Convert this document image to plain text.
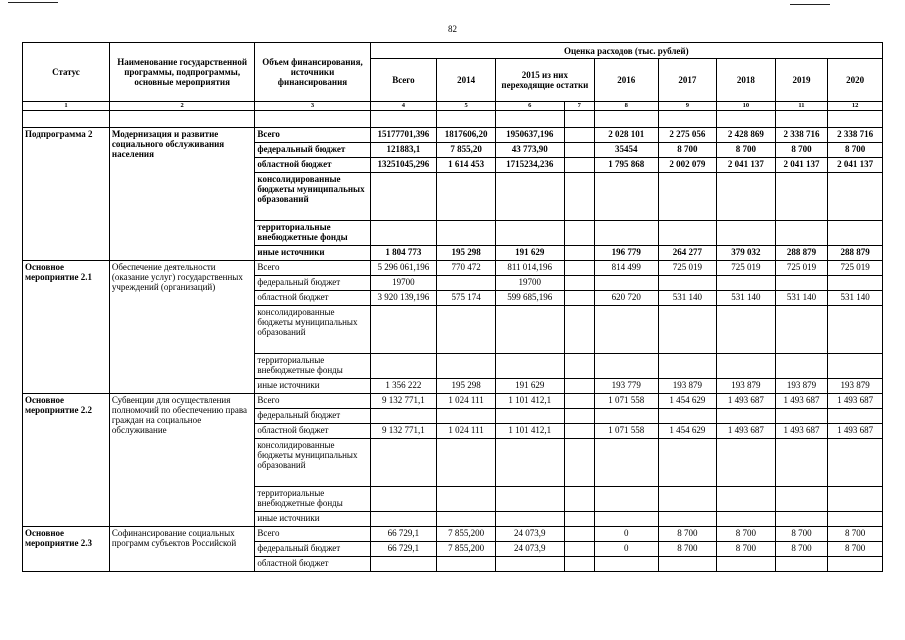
82
Статус	Наименование государственной программы, подпрограммы, основные мероприятия	Объем финансирования, источники финансирования	Оценка расходов (тыс. рублей)								
			Всего	2014	2015 из них переходящие остатки		2016	2017	2018	2019	2020
1	2	3	4	5	6	7	8	9	10	11	12

Подпрограмма 2	Модернизация и развитие социального обслуживания населения	Всего	15177701,396	1817606,20	1950637,196		2 028 101	2 275 056	2 428 869	2 338 716	2 338 716
		федеральный бюджет	121883,1	7 855,20	43 773,90		35454	8 700	8 700	8 700	8 700
		областной бюджет	13251045,296	1 614 453	1715234,236		1 795 868	2 002 079	2 041 137	2 041 137	2 041 137
		консолидированные бюджеты муниципальных образований									
		территориальные внебюджетные фонды									
		иные источники	1 804 773	195 298	191 629		196 779	264 277	379 032	288 879	288 879
Основное мероприятие 2.1	Обеспечение деятельности (оказание услуг) государственных учреждений (организаций)	Всего	5 296 061,196	770 472	811 014,196		814 499	725 019	725 019	725 019	725 019
		федеральный бюджет	19700		19700						
		областной бюджет	3 920 139,196	575 174	599 685,196		620 720	531 140	531 140	531 140	531 140
		консолидированные бюджеты муниципальных образований									
		территориальные внебюджетные фонды									
		иные источники	1 356 222	195 298	191 629		193 779	193 879	193 879	193 879	193 879
Основное мероприятие 2.2	Субвенции для осуществления полномочий по обеспечению права граждан на социальное обслуживание	Всего	9 132 771,1	1 024 111	1 101 412,1		1 071 558	1 454 629	1 493 687	1 493 687	1 493 687
		федеральный бюджет									
		областной бюджет	9 132 771,1	1 024 111	1 101 412,1		1 071 558	1 454 629	1 493 687	1 493 687	1 493 687
		консолидированные бюджеты муниципальных образований									
		территориальные внебюджетные фонды									
		иные источники									
Основное мероприятие 2.3	Софинансирование социальных программ субъектов Российской	Всего	66 729,1	7 855,200	24 073,9		0	8 700	8 700	8 700	8 700
		федеральный бюджет	66 729,1	7 855,200	24 073,9		0	8 700	8 700	8 700	8 700
		областной бюджет									
